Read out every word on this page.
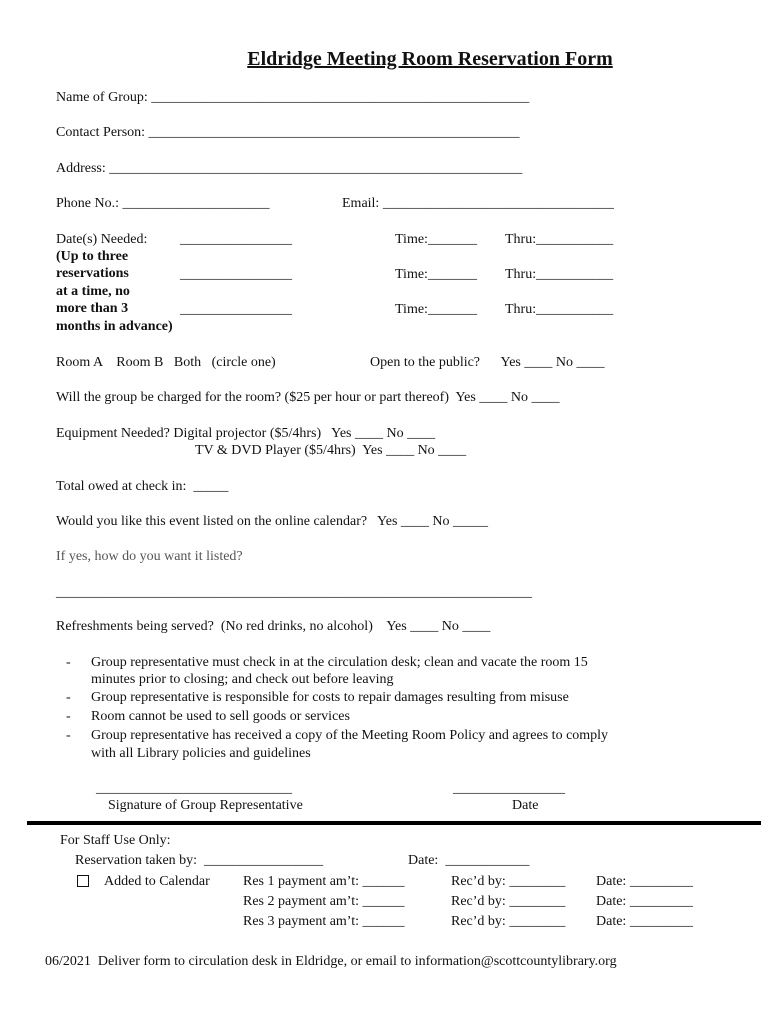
Eldridge Meeting Room Reservation Form
Name of Group: ______________________________________________________
Contact Person: _____________________________________________________
Address: ___________________________________________________________
Phone No.: _____________________	Email: _________________________________
Date(s) Needed:
(Up to three
reservations
at a time, no
more than 3
months in advance)
________________	Time:_______ Thru:___________
________________	Time:_______ Thru:___________
________________	Time:_______ Thru:___________
Room A    Room B   Both   (circle one)	Open to the public?      Yes ____ No ____
Will the group be charged for the room? ($25 per hour or part thereof)  Yes ____ No ____
Equipment Needed? Digital projector ($5/4hrs)   Yes ____ No ____
TV & DVD Player ($5/4hrs)  Yes ____ No ____
Total owed at check in:  _____
Would you like this event listed on the online calendar?   Yes ____ No _____
If yes, how do you want it listed?
____________________________________________________________________
Refreshments being served?  (No red drinks, no alcohol)    Yes ____ No ____
- Group representative must check in at the circulation desk; clean and vacate the room 15
minutes prior to closing; and check out before leaving
- Group representative is responsible for costs to repair damages resulting from misuse
- Room cannot be used to sell goods or services
- Group representative has received a copy of the Meeting Room Policy and agrees to comply
with all Library policies and guidelines
____________________________
Signature of Group Representative
________________
Date
For Staff Use Only:
Reservation taken by:  _________________	Date:  ____________
Added to Calendar Res 1 payment am’t: ______	Rec’d by: ________ Date: _________
Res 2 payment am’t: ______	Rec’d by: ________ Date: _________
Res 3 payment am’t: ______	Rec’d by: ________ Date: _________
06/2021  Deliver form to circulation desk in Eldridge, or email to information@scottcountylibrary.org
